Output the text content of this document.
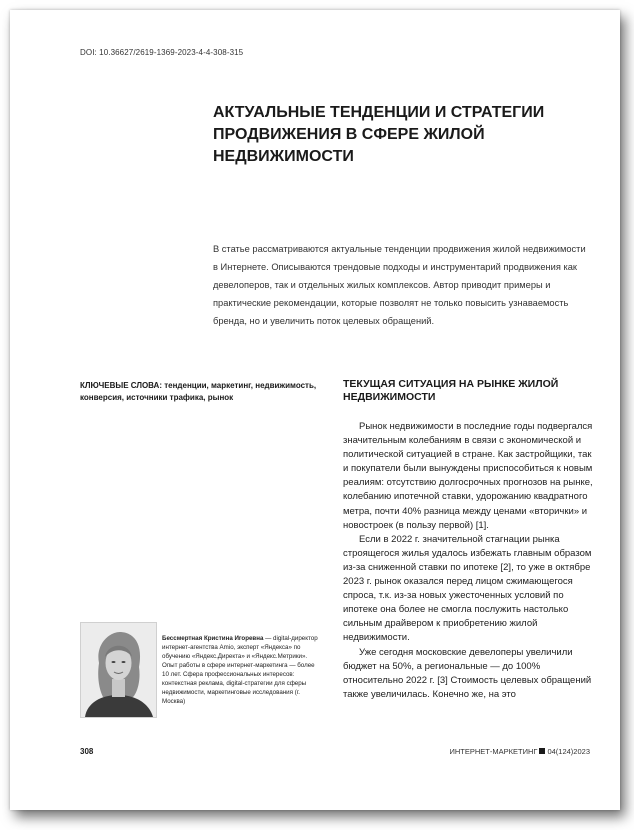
DOI: 10.36627/2619-1369-2023-4-4-308-315
АКТУАЛЬНЫЕ ТЕНДЕНЦИИ И СТРАТЕГИИ ПРОДВИЖЕНИЯ В СФЕРЕ ЖИЛОЙ НЕДВИЖИМОСТИ

В статье рассматриваются актуальные тенденции продвижения жилой недвижимости в Интернете. Описываются трендовые подходы и инструментарий продвижения как девелоперов, так и отдельных жилых комплексов. Автор приводит примеры и практические рекомендации, которые позволят не только повысить узнаваемость бренда, но и увеличить поток целевых обращений.

КЛЮЧЕВЫЕ СЛОВА: тенденции, маркетинг, недвижимость, конверсия, источники трафика, рынок

ТЕКУЩАЯ СИТУАЦИЯ НА РЫНКЕ ЖИЛОЙ НЕДВИЖИМОСТИ

Рынок недвижимости в последние годы подвергался значительным колебаниям в связи с экономической и политической ситуацией в стране. Как застройщики, так и покупатели были вынуждены приспособиться к новым реалиям: отсутствию долгосрочных прогнозов на рынке, колебанию ипотечной ставки, удорожанию квадратного метра, почти 40% разница между ценами «вторички» и новостроек (в пользу первой) [1].

Если в 2022 г. значительной стагнации рынка строящегося жилья удалось избежать главным образом из-за сниженной ставки по ипотеке [2], то уже в октябре 2023 г. рынок оказался перед лицом сжимающегося спроса, т.к. из-за новых ужесточенных условий по ипотеке она более не смогла послужить настолько сильным драйвером к приобретению жилой недвижимости.

Уже сегодня московские девелоперы увеличили бюджет на 50%, а региональные — до 100% относительно 2022 г. [3] Стоимость целевых обращений также увеличилась. Конечно же, на это

Бессмертная Кристина Игоревна — digital-директор интернет-агентства Amio, эксперт «Яндекса» по обучению «Яндекс.Директа» и «Яндекс.Метрики». Опыт работы в сфере интернет-маркетинга — более 10 лет. Сфера профессиональных интересов: контекстная реклама, digital-стратегии для сферы недвижимости, маркетинговые исследования (г. Москва)

308	ИНТЕРНЕТ-МАРКЕТИНГ 04(124)2023
